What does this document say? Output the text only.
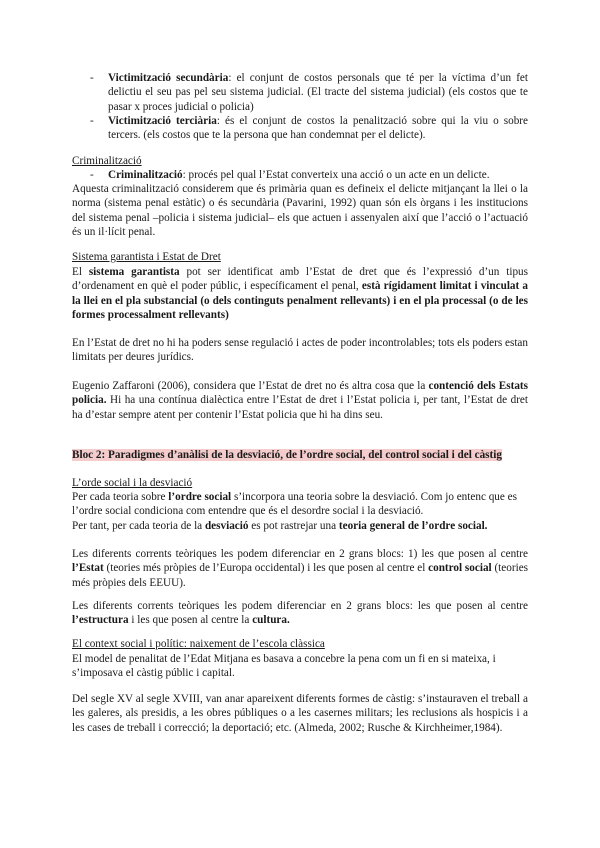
-	Victimització secundària: el conjunt de costos personals que té per la víctima d’un fet delictiu el seu pas pel seu sistema judicial. (El tracte del sistema judicial) (els costos que te pasar x proces judicial o policia)

-	Victimització terciària: és el conjunt de costos la penalització sobre qui la viu o sobre tercers. (els costos que te la persona que han condemnat per el delicte).

Criminalització
-	Criminalització: procés pel qual l’Estat converteix una acció o un acte en un delicte.

Aquesta criminalització considerem que és primària quan es defineix el delicte mitjançant la llei o la norma (sistema penal estàtic) o és secundària (Pavarini, 1992) quan són els òrgans i les institucions del sistema penal –policia i sistema judicial– els que actuen i assenyalen així que l’acció o l’actuació és un il·lícit penal.

Sistema garantista i Estat de Dret

El sistema garantista pot ser identificat amb l’Estat de dret que és l’expressió d’un tipus d’ordenament en què el poder públic, i específicament el penal, està rígidament limitat i vinculat a la llei en el pla substancial (o dels continguts penalment rellevants) i en el pla processal (o de les formes processalment rellevants)

En l’Estat de dret no hi ha poders sense regulació i actes de poder incontrolables; tots els poders estan limitats per deures jurídics.

Eugenio Zaffaroni (2006), considera que l’Estat de dret no és altra cosa que la contenció dels Estats policia. Hi ha una contínua dialèctica entre l’Estat de dret i l’Estat policia i, per tant, l’Estat de dret ha d’estar sempre atent per contenir l’Estat policia que hi ha dins seu.

Bloc 2: Paradigmes d’anàlisi de la desviació, de l’ordre social, del control social i del càstig
L’orde social i la desviació

Per cada teoria sobre l’ordre social s’incorpora una teoria sobre la desviació. Com jo entenc que es l’ordre social condiciona com entendre que és el desordre social i la desviació.
Per tant, per cada teoria de la desviació es pot rastrejar una teoria general de l’ordre social.

Les diferents corrents teòriques les podem diferenciar en 2 grans blocs: 1) les que posen al centre l’Estat (teories més pròpies de l’Europa occidental) i les que posen al centre el control social (teories més pròpies dels EEUU).

Les diferents corrents teòriques les podem diferenciar en 2 grans blocs: les que posen al centre l’estructura i les que posen al centre la cultura.

El context social i polític: naixement de l’escola clàssica

El model de penalitat de l’Edat Mitjana es basava a concebre la pena com un fi en si mateixa, i s’imposava el càstig públic i capital.

Del segle XV al segle XVIII, van anar apareixent diferents formes de càstig: s’instauraven el treball a les galeres, als presidis, a les obres públiques o a les casernes militars; les reclusions als hospicis i a les cases de treball i correcció; la deportació; etc. (Almeda, 2002; Rusche & Kirchheimer,1984).
